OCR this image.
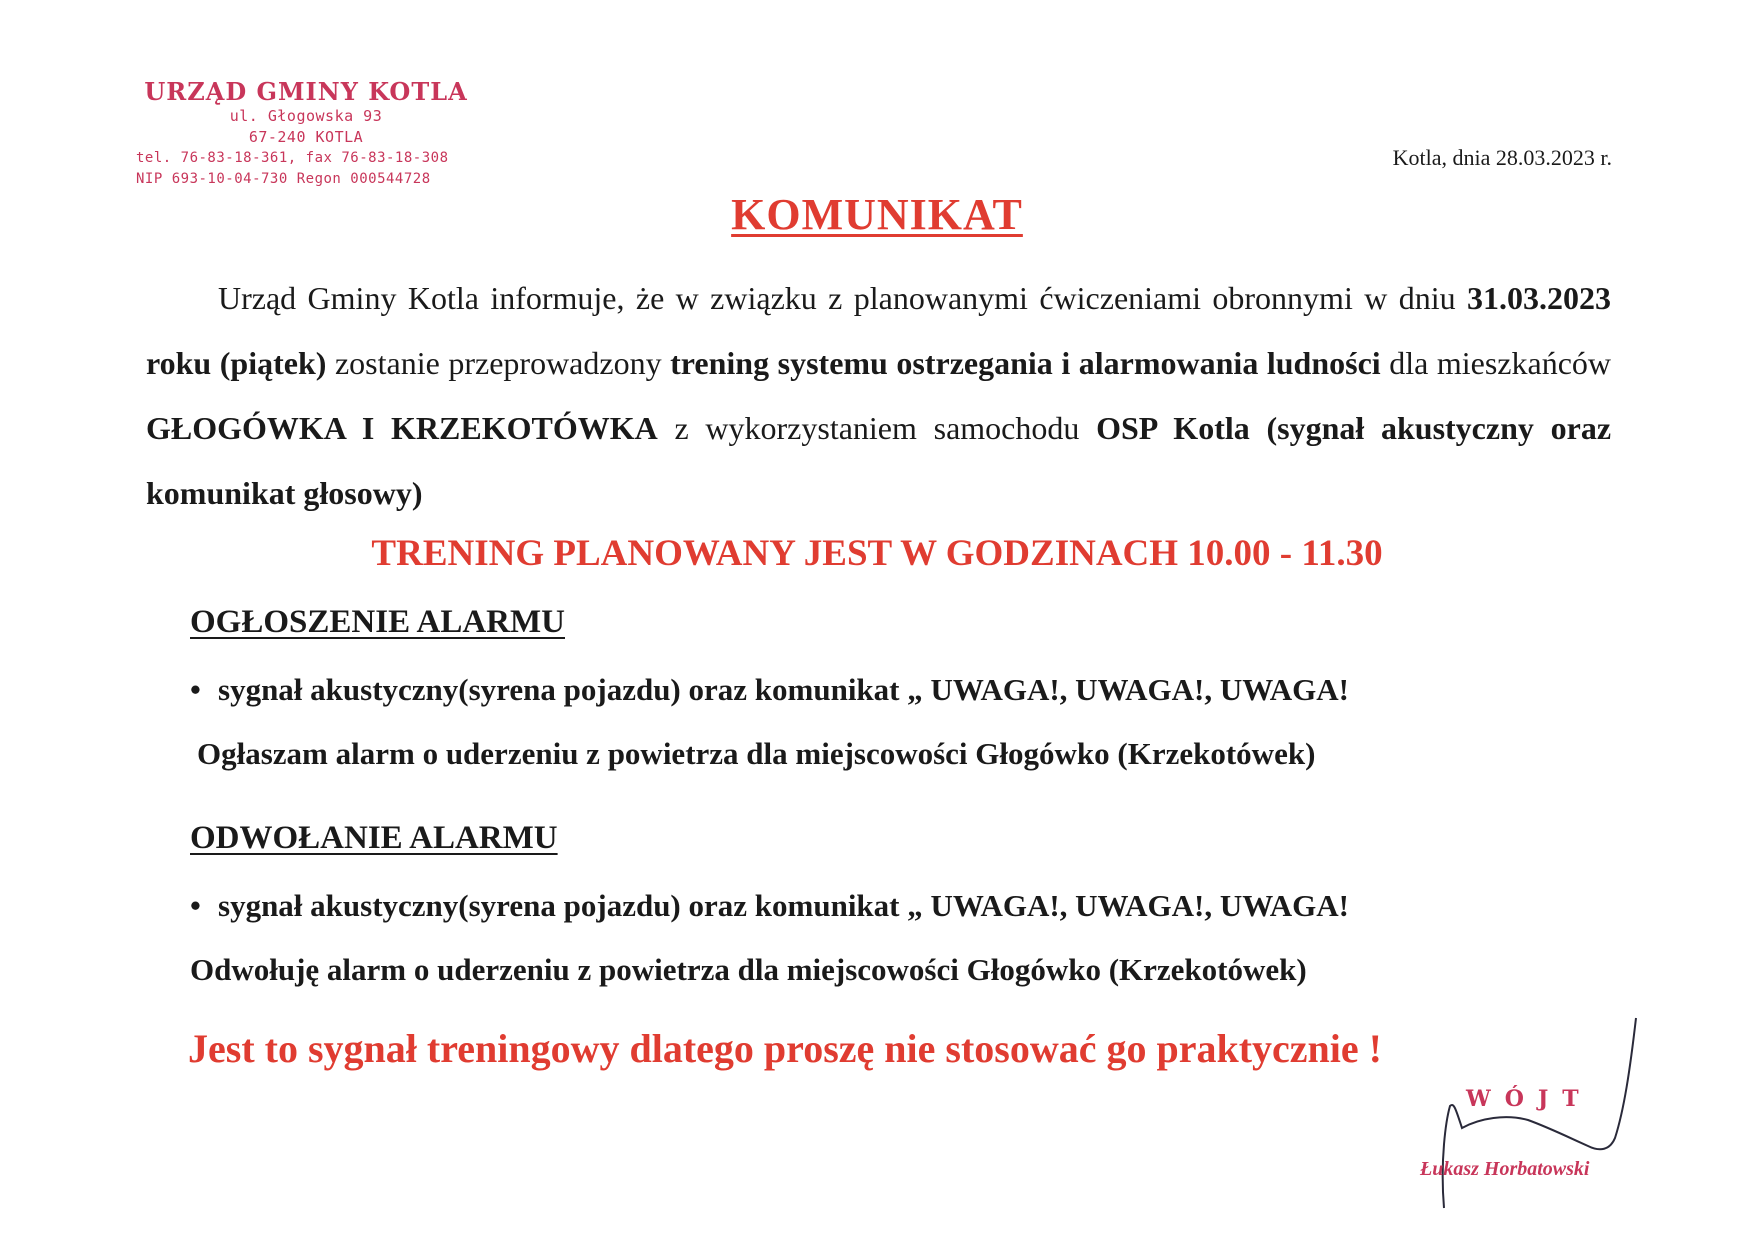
URZĄD GMINY KOTLA
ul. Głogowska 93
67-240 KOTLA
tel. 76-83-18-361, fax 76-83-18-308
NIP 693-10-04-730 Regon 000544728
Kotla, dnia 28.03.2023 r.
KOMUNIKAT
Urząd Gminy Kotla informuje, że w związku z planowanymi ćwiczeniami obronnymi w dniu 31.03.2023 roku (piątek) zostanie przeprowadzony trening systemu ostrzegania i alarmowania ludności dla mieszkańców GŁOGÓWKA I KRZEKOTÓWKA z wykorzystaniem samochodu OSP Kotla (sygnał akustyczny oraz komunikat głosowy)
TRENING PLANOWANY JEST W GODZINACH 10.00 - 11.30
OGŁOSZENIE ALARMU
• sygnał akustyczny(syrena pojazdu) oraz komunikat „ UWAGA!, UWAGA!, UWAGA!
Ogłaszam alarm o uderzeniu z powietrza dla miejscowości Głogówko (Krzekotówek)
ODWOŁANIE ALARMU
• sygnał akustyczny(syrena pojazdu) oraz komunikat „ UWAGA!, UWAGA!, UWAGA!
Odwołuję alarm o uderzeniu z powietrza dla miejscowości Głogówko (Krzekotówek)
Jest to sygnał treningowy dlatego proszę nie stosować go praktycznie !
WÓJT
Łukasz Horbatowski
